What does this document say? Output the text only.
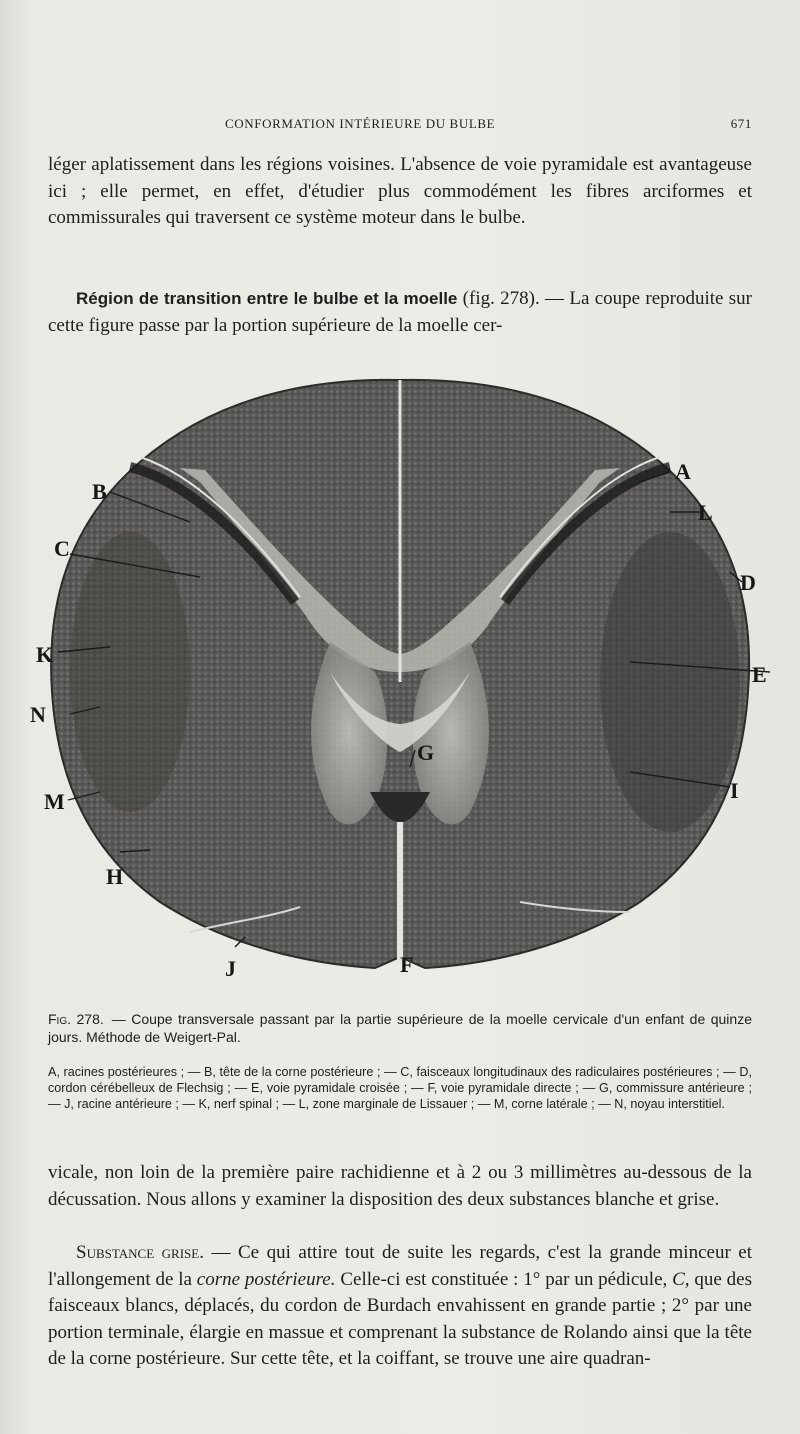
CONFORMATION INTÉRIEURE DU BULBE	671

léger aplatissement dans les régions voisines. L'absence de voie pyramidale est avantageuse ici ; elle permet, en effet, d'étudier plus commodément les fibres arciformes et commissurales qui traversent ce système moteur dans le bulbe.

Région de transition entre le bulbe et la moelle (fig. 278). — La coupe reproduite sur cette figure passe par la portion supérieure de la moelle cer-

A
B
C
D
E
F
G
H
I
J
K
L
M
N

Fig. 278. — Coupe transversale passant par la partie supérieure de la moelle cervicale d'un enfant de quinze jours. Méthode de Weigert-Pal.

A, racines postérieures ; — B, tête de la corne postérieure ; — C, faisceaux longitudinaux des radiculaires postérieures ; — D, cordon cérébelleux de Flechsig ; — E, voie pyramidale croisée ; — F, voie pyramidale directe ; — G, commissure antérieure ; — J, racine antérieure ; — K, nerf spinal ; — L, zone marginale de Lissauer ; — M, corne latérale ; — N, noyau interstitiel.

vicale, non loin de la première paire rachidienne et à 2 ou 3 millimètres au-dessous de la décussation. Nous allons y examiner la disposition des deux substances blanche et grise.

Substance grise. — Ce qui attire tout de suite les regards, c'est la grande minceur et l'allongement de la corne postérieure. Celle-ci est constituée : 1° par un pédicule, C, que des faisceaux blancs, déplacés, du cordon de Burdach envahissent en grande partie ; 2° par une portion terminale, élargie en massue et comprenant la substance de Rolando ainsi que la tête de la corne postérieure. Sur cette tête, et la coiffant, se trouve une aire quadran-
